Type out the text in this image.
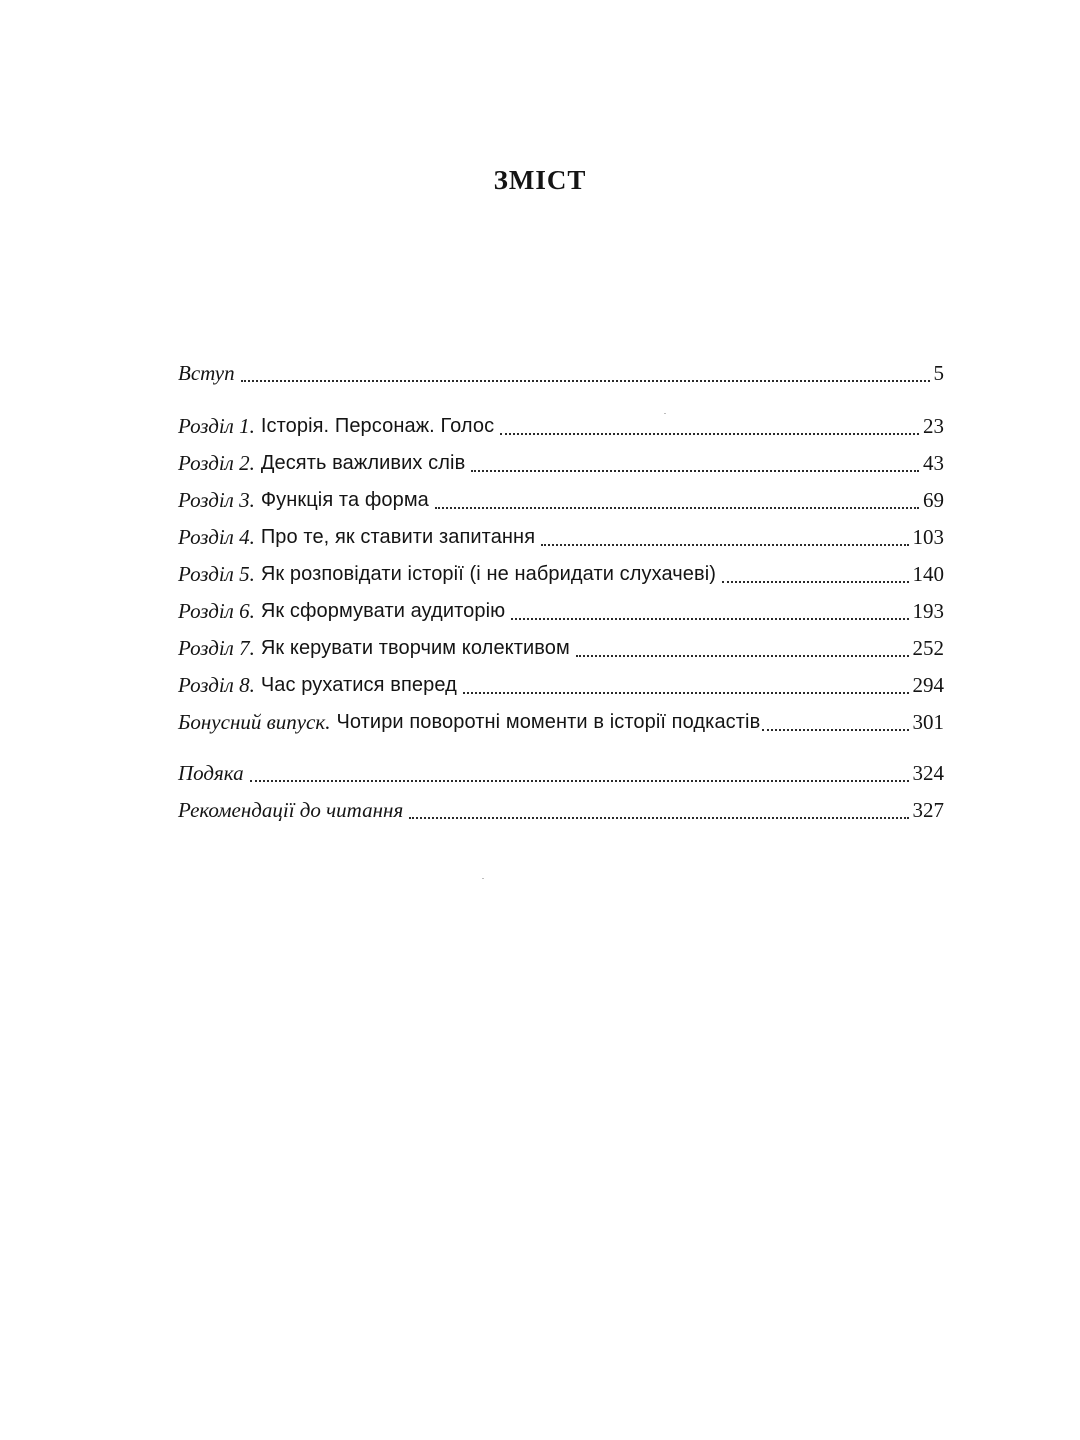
ЗМІСТ
Вступ	5
Розділ 1. Історія. Персонаж. Голос	23
Розділ 2. Десять важливих слів	43
Розділ 3. Функція та форма	69
Розділ 4. Про те, як ставити запитання	103
Розділ 5. Як розповідати історії (і не набридати слухачеві)	140
Розділ 6. Як сформувати аудиторію	193
Розділ 7. Як керувати творчим колективом	252
Розділ 8. Час рухатися вперед	294
Бонусний випуск. Чотири поворотні моменти в історії подкастів	301
Подяка	324
Рекомендації до читання	327
